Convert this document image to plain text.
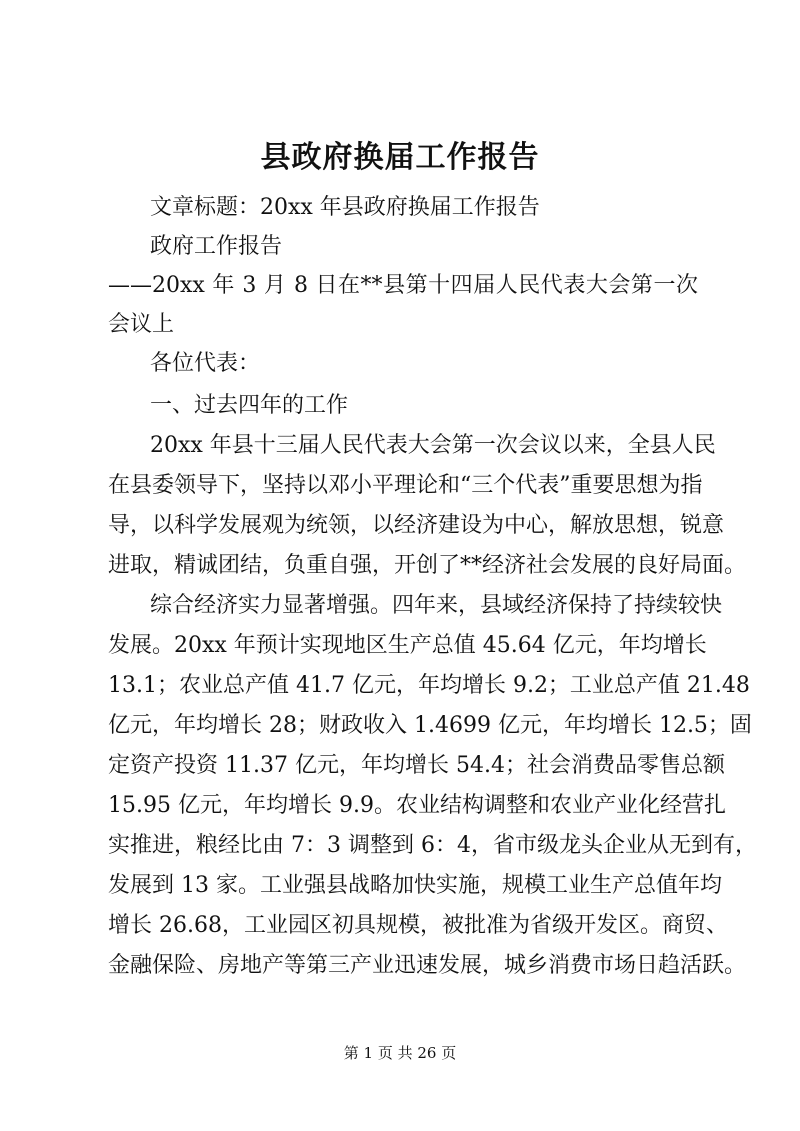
县政府换届工作报告
文章标题：20xx 年县政府换届工作报告
政府工作报告
——20xx 年 3 月 8 日在**县第十四届人民代表大会第一次
会议上
各位代表：
一、过去四年的工作
20xx 年县十三届人民代表大会第一次会议以来，全县人民
在县委领导下，坚持以邓小平理论和“三个代表”重要思想为指
导，以科学发展观为统领，以经济建设为中心，解放思想，锐意
进取，精诚团结，负重自强，开创了**经济社会发展的良好局面。
综合经济实力显著增强。四年来，县域经济保持了持续较快
发展。20xx 年预计实现地区生产总值 45.64 亿元，年均增长
13.1；农业总产值 41.7 亿元，年均增长 9.2；工业总产值 21.48
亿元，年均增长 28；财政收入 1.4699 亿元，年均增长 12.5；固
定资产投资 11.37 亿元，年均增长 54.4；社会消费品零售总额
15.95 亿元，年均增长 9.9。农业结构调整和农业产业化经营扎
实推进，粮经比由 7：3 调整到 6：4，省市级龙头企业从无到有，
发展到 13 家。工业强县战略加快实施，规模工业生产总值年均
增长 26.68，工业园区初具规模，被批准为省级开发区。商贸、
金融保险、房地产等第三产业迅速发展，城乡消费市场日趋活跃。
第 1 页 共 26 页
